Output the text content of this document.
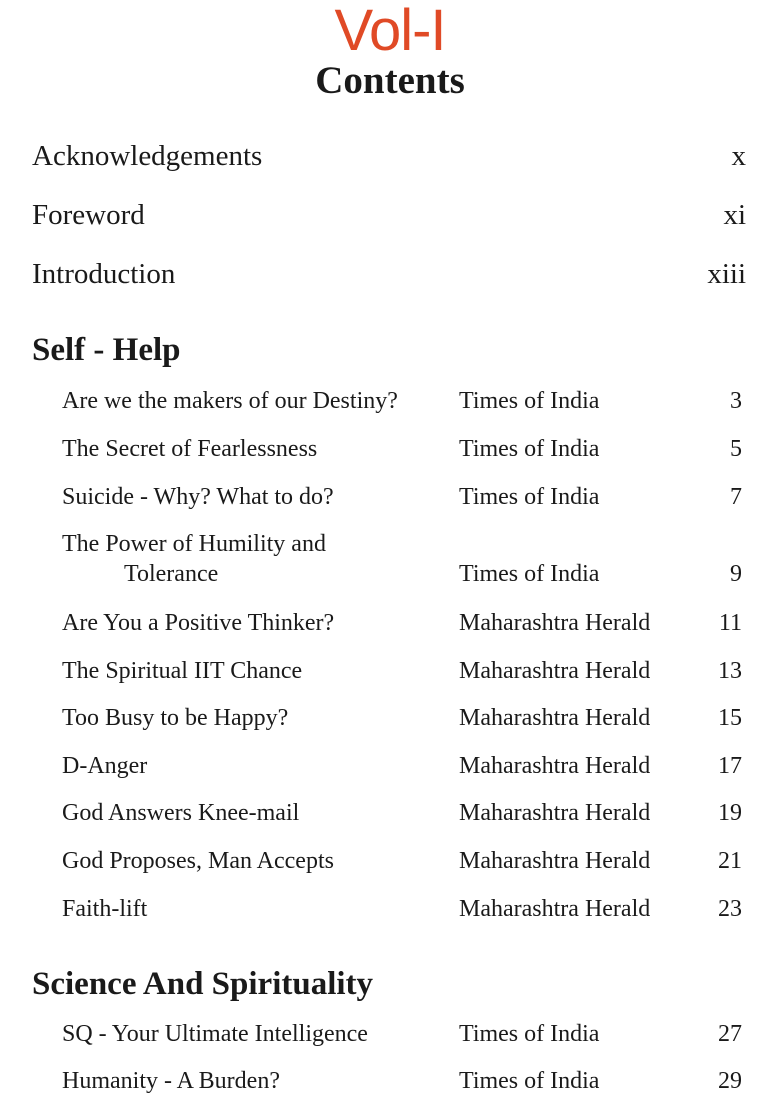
Vol-I
Contents
Acknowledgements	x
Foreword	xi
Introduction	xiii
Self - Help
Are we the makers of our Destiny?	Times of India	3
The Secret of Fearlessness	Times of India	5
Suicide - Why? What to do?	Times of India	7
The Power of Humility and
Tolerance	Times of India	9
Are You a Positive Thinker?	Maharashtra Herald	11
The Spiritual IIT Chance	Maharashtra Herald	13
Too Busy to be Happy?	Maharashtra Herald	15
D-Anger	Maharashtra Herald	17
God Answers Knee-mail	Maharashtra Herald	19
God Proposes, Man Accepts	Maharashtra Herald	21
Faith-lift	Maharashtra Herald	23
Science And Spirituality
SQ - Your Ultimate Intelligence	Times of India	27
Humanity - A Burden?	Times of India	29
